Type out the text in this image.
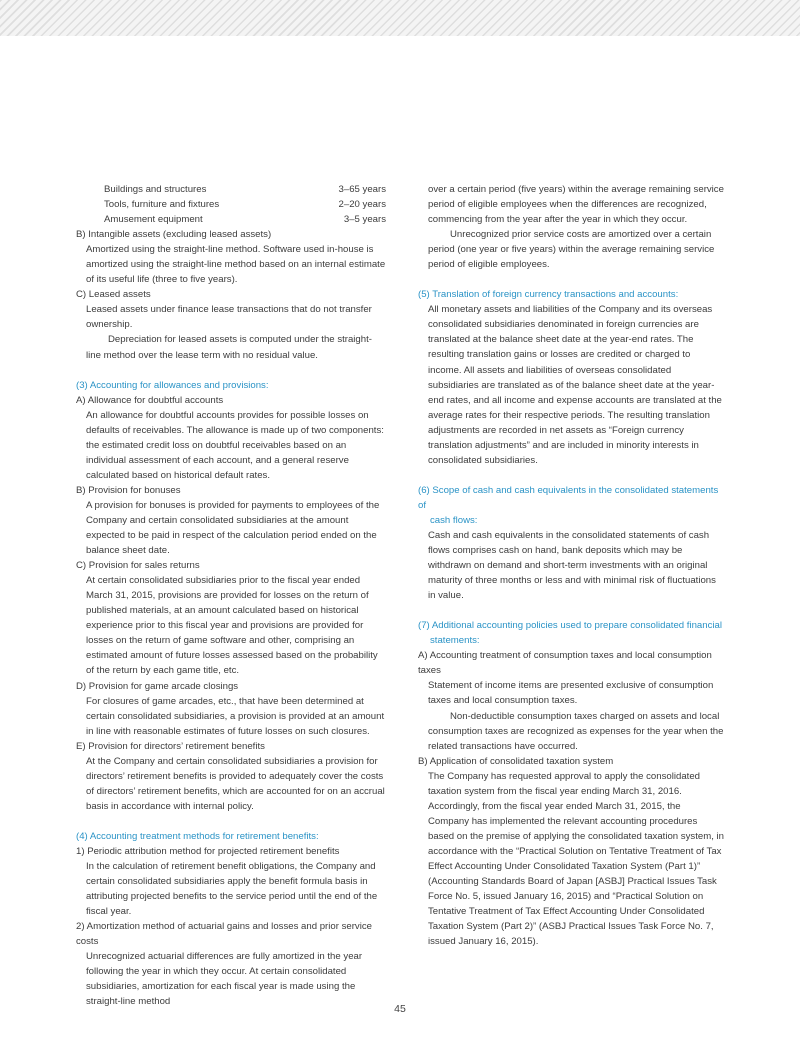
Buildings and structures	3–65 years
Tools, furniture and fixtures	2–20 years
Amusement equipment	3–5 years

B) Intangible assets (excluding leased assets)

Amortized using the straight-line method. Software used in-house is amortized using the straight-line method based on an internal estimate of its useful life (three to five years).

C) Leased assets

Leased assets under finance lease transactions that do not transfer ownership.

Depreciation for leased assets is computed under the straight-line method over the lease term with no residual value.

(3) Accounting for allowances and provisions:

A) Allowance for doubtful accounts

An allowance for doubtful accounts provides for possible losses on defaults of receivables. The allowance is made up of two components: the estimated credit loss on doubtful receivables based on an individual assessment of each account, and a general reserve calculated based on historical default rates.

B) Provision for bonuses

A provision for bonuses is provided for payments to employees of the Company and certain consolidated subsidiaries at the amount expected to be paid in respect of the calculation period ended on the balance sheet date.

C) Provision for sales returns

At certain consolidated subsidiaries prior to the fiscal year ended March 31, 2015, provisions are provided for losses on the return of published materials, at an amount calculated based on historical experience prior to this fiscal year and provisions are provided for losses on the return of game software and other, comprising an estimated amount of future losses assessed based on the probability of the return by each game title, etc.

D) Provision for game arcade closings

For closures of game arcades, etc., that have been determined at certain consolidated subsidiaries, a provision is provided at an amount in line with reasonable estimates of future losses on such closures.

E) Provision for directors’ retirement benefits

At the Company and certain consolidated subsidiaries a provision for directors’ retirement benefits is provided to adequately cover the costs of directors’ retirement benefits, which are accounted for on an accrual basis in accordance with internal policy.

(4) Accounting treatment methods for retirement benefits:

1) Periodic attribution method for projected retirement benefits

In the calculation of retirement benefit obligations, the Company and certain consolidated subsidiaries apply the benefit formula basis in attributing projected benefits to the service period until the end of the fiscal year.

2) Amortization method of actuarial gains and losses and prior service costs

Unrecognized actuarial differences are fully amortized in the year following the year in which they occur. At certain consolidated subsidiaries, amortization for each fiscal year is made using the straight-line method

over a certain period (five years) within the average remaining service period of eligible employees when the differences are recognized, commencing from the year after the year in which they occur.

Unrecognized prior service costs are amortized over a certain period (one year or five years) within the average remaining service period of eligible employees.

(5) Translation of foreign currency transactions and accounts:

All monetary assets and liabilities of the Company and its overseas consolidated subsidiaries denominated in foreign currencies are translated at the balance sheet date at the year-end rates. The resulting translation gains or losses are credited or charged to income. All assets and liabilities of overseas consolidated subsidiaries are translated as of the balance sheet date at the year-end rates, and all income and expense accounts are translated at the average rates for their respective periods. The resulting translation adjustments are recorded in net assets as “Foreign currency translation adjustments” and are included in minority interests in consolidated subsidiaries.

(6) Scope of cash and cash equivalents in the consolidated statements of
cash flows:

Cash and cash equivalents in the consolidated statements of cash flows comprises cash on hand, bank deposits which may be withdrawn on demand and short-term investments with an original maturity of three months or less and with minimal risk of fluctuations in value.

(7) Additional accounting policies used to prepare consolidated financial
statements:

A) Accounting treatment of consumption taxes and local consumption taxes

Statement of income items are presented exclusive of consumption taxes and local consumption taxes.

Non-deductible consumption taxes charged on assets and local consumption taxes are recognized as expenses for the year when the related transactions have occurred.

B) Application of consolidated taxation system

The Company has requested approval to apply the consolidated taxation system from the fiscal year ending March 31, 2016. Accordingly, from the fiscal year ended March 31, 2015, the Company has implemented the relevant accounting procedures based on the premise of applying the consolidated taxation system, in accordance with the “Practical Solution on Tentative Treatment of Tax Effect Accounting Under Consolidated Taxation System (Part 1)” (Accounting Standards Board of Japan [ASBJ] Practical Issues Task Force No. 5, issued January 16, 2015) and “Practical Solution on Tentative Treatment of Tax Effect Accounting Under Consolidated Taxation System (Part 2)” (ASBJ Practical Issues Task Force No. 7, issued January 16, 2015).

45
